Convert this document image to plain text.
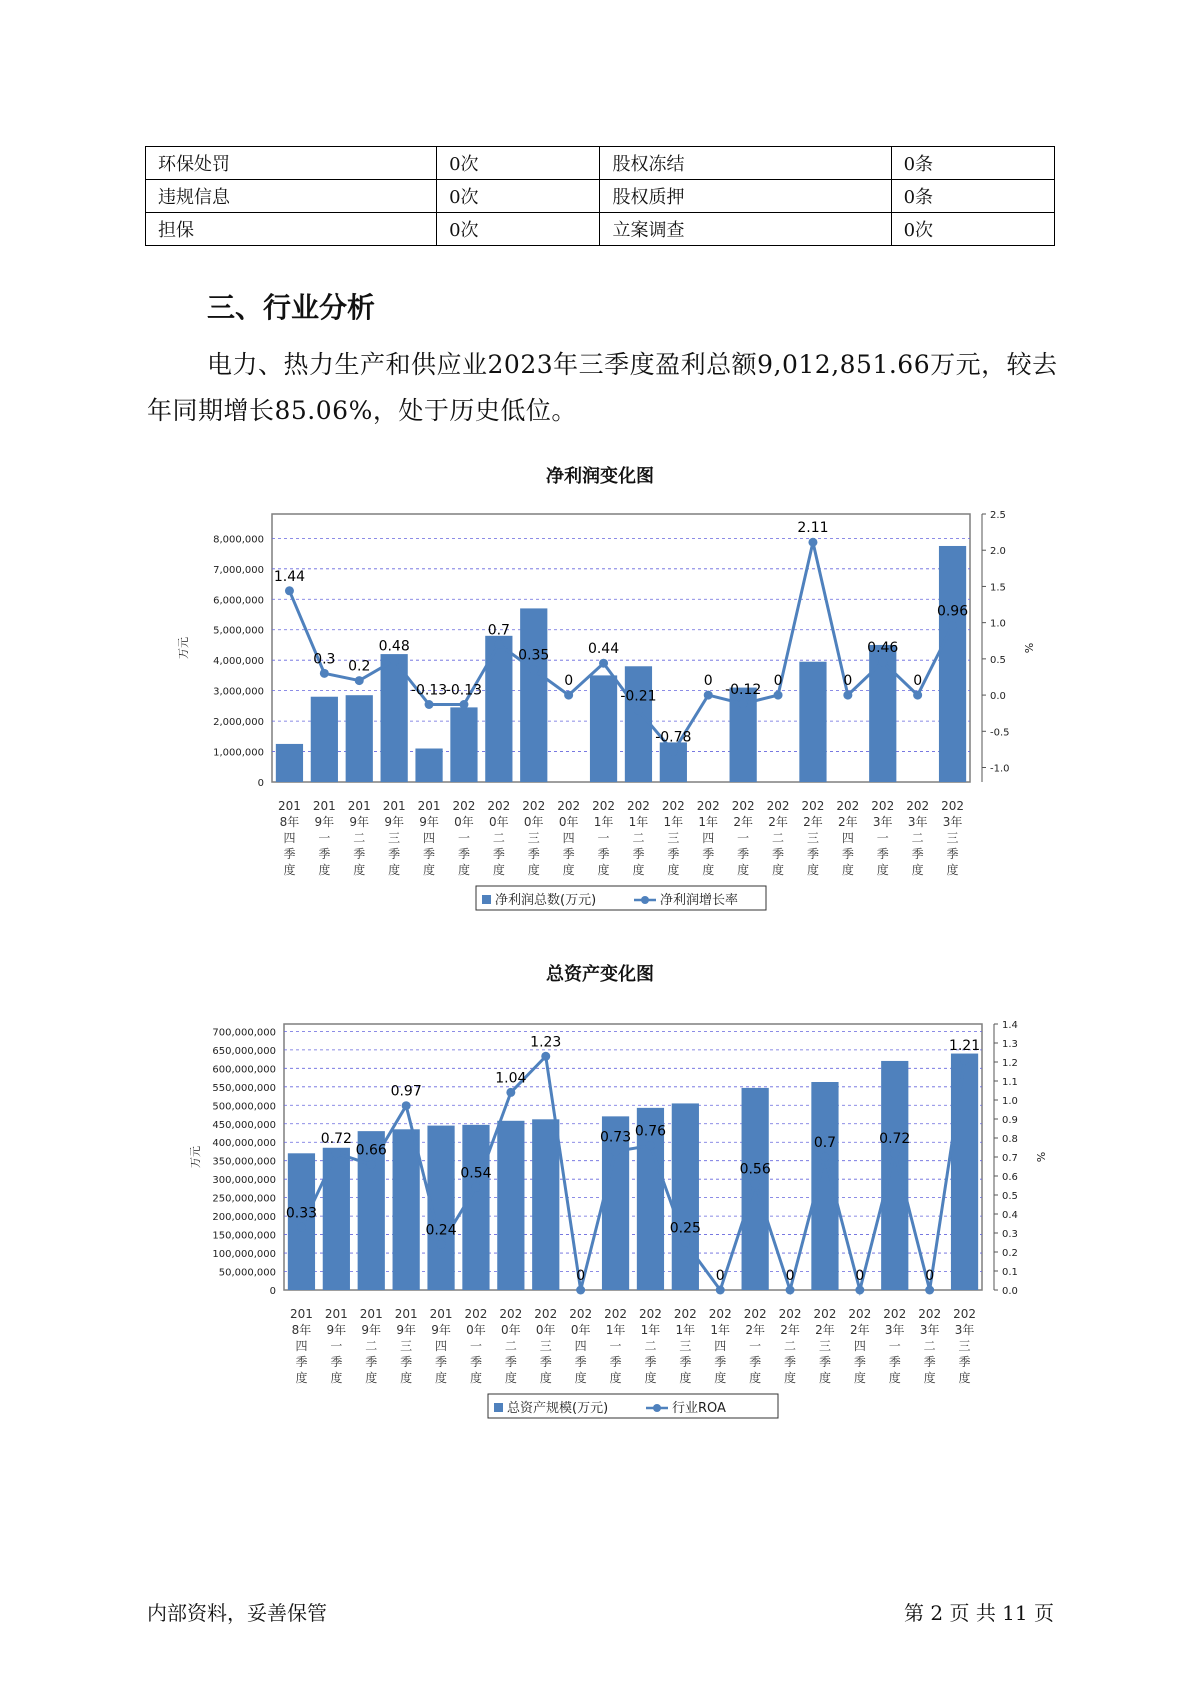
环保处罚	0次	股权冻结	0条
违规信息	0次	股权质押	0条
担保	0次	立案调查	0次
三、行业分析

电力、热力生产和供应业2023年三季度盈利总额9,012,851.66万元，较去年同期增长85.06%，处于历史低位。

净利润变化图
0
1,000,000
2,000,000
3,000,000
4,000,000
5,000,000
6,000,000
7,000,000
8,000,000
-1.0
-0.5
0.0
0.5
1.0
1.5
2.0
2.5
万元	%
201 8年四季度
201 9年一季度
201 9年二季度
201 9年三季度
201 9年四季度
202 0年一季度
202 0年二季度
202 0年三季度
202 0年四季度
202 1年一季度
202 1年二季度
202 1年三季度
202 1年四季度
202 2年一季度
202 2年二季度
202 2年三季度
202 2年四季度
202 3年一季度
202 3年二季度
202 3年三季度
1.44
0.3 0.2
0.48
-0.13
-0.13
0.7
0.35
0
0.44
-0.21
-0.78
0
-0.12
0
2.11
0
0.46
0
0.96
净利润总数(万元)	净利润增长率
总资产变化图
0
50,000,000
100,000,000
150,000,000
200,000,000
250,000,000
300,000,000
350,000,000
400,000,000
450,000,000
500,000,000
550,000,000
600,000,000
650,000,000
700,000,000
0.0
0.1
0.2
0.3
0.4
0.5
0.6
0.7
0.8
0.9
1.0
1.1
1.2
1.3
1.4
万元	%
201 8年四季度
201 9年一季度
201 9年二季度
201 9年三季度
201 9年四季度
202 0年一季度
202 0年二季度
202 0年三季度
202 0年四季度
202 1年一季度
202 1年二季度
202 1年三季度
202 1年四季度
202 2年一季度
202 2年二季度
202 2年三季度
202 2年四季度
202 3年一季度
202 3年二季度
202 3年三季度
0.33
0.72
0.66
0.97
0.24
0.54
1.04
1.23
0
0.73 0.76
0.25
0
0.56
0
0.7
0
0.72
0
1.21
总资产规模(万元)	行业ROA
内部资料，妥善保管	第 2 页 共 11 页
